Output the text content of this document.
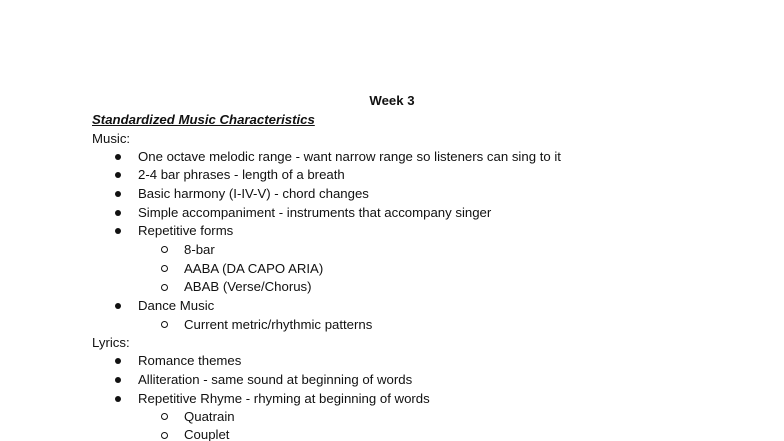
Week 3
Standardized Music Characteristics
Music:
One octave melodic range - want narrow range so listeners can sing to it
2-4 bar phrases - length of a breath
Basic harmony (I-IV-V) - chord changes
Simple accompaniment - instruments that accompany singer
Repetitive forms
8-bar
AABA (DA CAPO ARIA)
ABAB (Verse/Chorus)
Dance Music
Current metric/rhythmic patterns
Lyrics:
Romance themes
Alliteration - same sound at beginning of words
Repetitive Rhyme - rhyming at beginning of words
Quatrain
Couplet
